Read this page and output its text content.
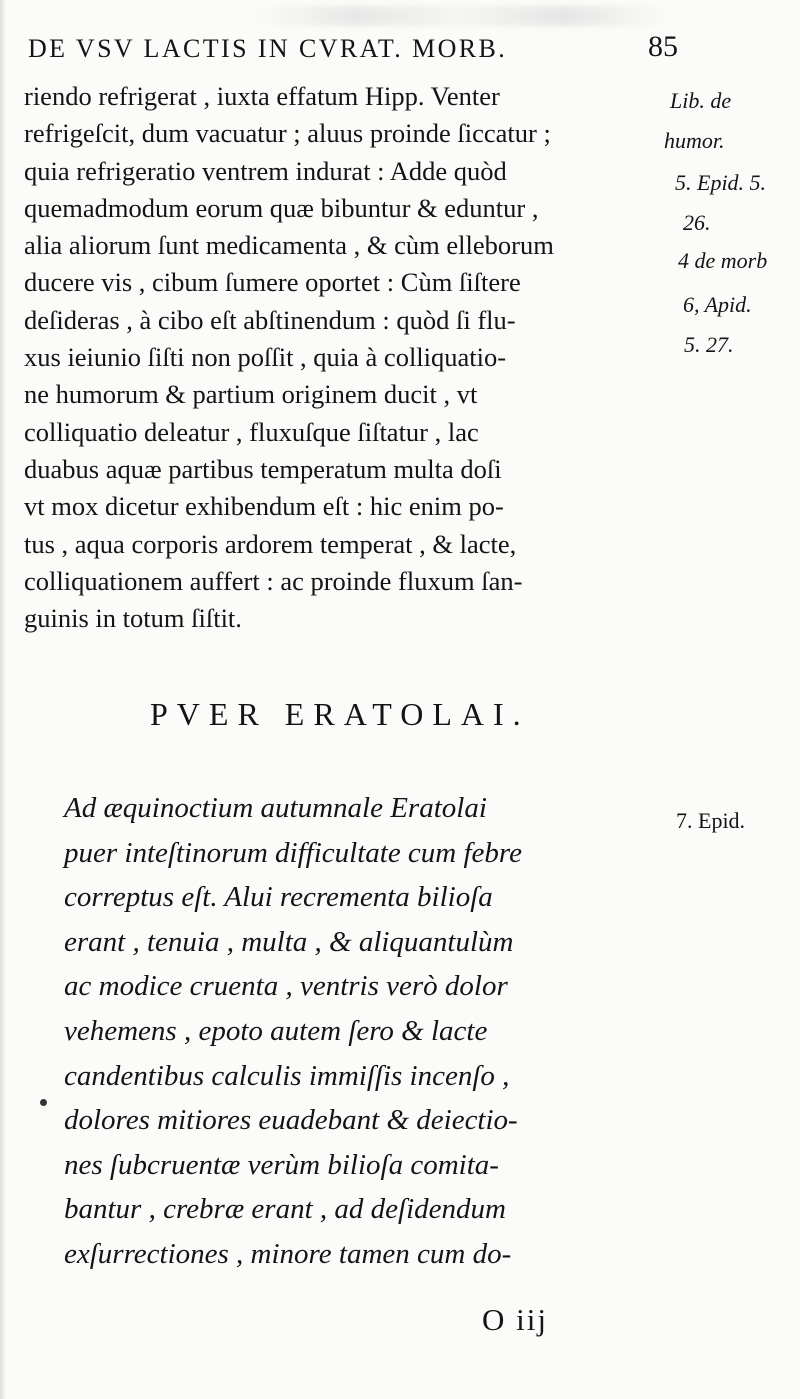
DE VSV LACTIS IN CVRAT. MORB.	85
riendo refrigerat , iuxta effatum Hipp. Venter
refrigeſcit, dum vacuatur ; aluus proinde ſiccatur ;
quia refrigeratio ventrem indurat : Adde quòd
quemadmodum eorum quæ bibuntur & eduntur ,
alia aliorum ſunt medicamenta , & cùm elleborum
ducere vis , cibum ſumere oportet : Cùm ſiſtere
deſideras , à cibo eſt abſtinendum : quòd ſi flu-
xus ieiunio ſiſti non poſſit , quia à colliquatio-
ne humorum & partium originem ducit , vt
colliquatio deleatur , fluxuſque ſiſtatur , lac
duabus aquæ partibus temperatum multa doſi
vt mox dicetur exhibendum eſt : hic enim po-
tus , aqua corporis ardorem temperat , & lacte,
colliquationem auffert : ac proinde fluxum ſan-
guinis in totum ſiſtit.
Lib. de
humor.
5. Epid. 5.
26.
4 de morb
6, Apid.
5. 27.
7. Epid.
PVER ERATOLAI.
Ad æquinoctium autumnale Eratolai
puer inteſtinorum difficultate cum febre
correptus eſt. Alui recrementa bilioſa
erant , tenuia , multa , & aliquantulùm
ac modice cruenta , ventris verò dolor
vehemens , epoto autem ſero & lacte
candentibus calculis immiſſis incenſo ,
dolores mitiores euadebant & deiectio-
nes ſubcruentæ verùm bilioſa comita-
bantur , crebræ erant , ad deſidendum
exſurrectiones , minore tamen cum do-
O iij
